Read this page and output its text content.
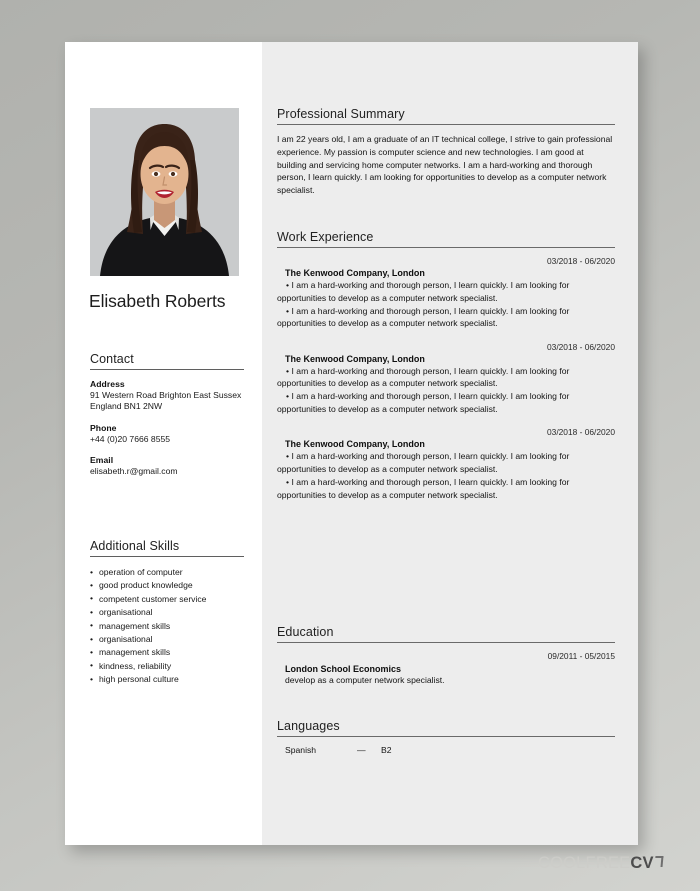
Elisabeth Roberts
Contact
Address
91 Western Road Brighton East Sussex England BN1 2NW
Phone
+44 (0)20 7666 8555
Email
elisabeth.r@gmail.com
Additional Skills
• operation of computer
• good product knowledge
• competent customer service
• organisational
• management skills
• organisational
• management skills
• kindness, reliability
• high personal culture
Professional Summary
I am 22 years old, I am a graduate of an IT technical college, I strive to gain professional experience. My passion is computer science and new technologies. I am good at building and servicing home computer networks. I am a hard-working and thorough person, I learn quickly. I am looking for opportunities to develop as a computer network specialist.
Work Experience
03/2018 - 06/2020
The Kenwood Company, London
• I am a hard-working and thorough person, I learn quickly. I am looking for opportunities to develop as a computer network specialist.
• I am a hard-working and thorough person, I learn quickly. I am looking for opportunities to develop as a computer network specialist.
03/2018 - 06/2020
The Kenwood Company, London
• I am a hard-working and thorough person, I learn quickly. I am looking for opportunities to develop as a computer network specialist.
• I am a hard-working and thorough person, I learn quickly. I am looking for opportunities to develop as a computer network specialist.
03/2018 - 06/2020
The Kenwood Company, London
• I am a hard-working and thorough person, I learn quickly. I am looking for opportunities to develop as a computer network specialist.
• I am a hard-working and thorough person, I learn quickly. I am looking for opportunities to develop as a computer network specialist.
Education
09/2011 - 05/2015
London School Economics
develop as a computer network specialist.
Languages
Spanish	—	B2
COOLFREECV
